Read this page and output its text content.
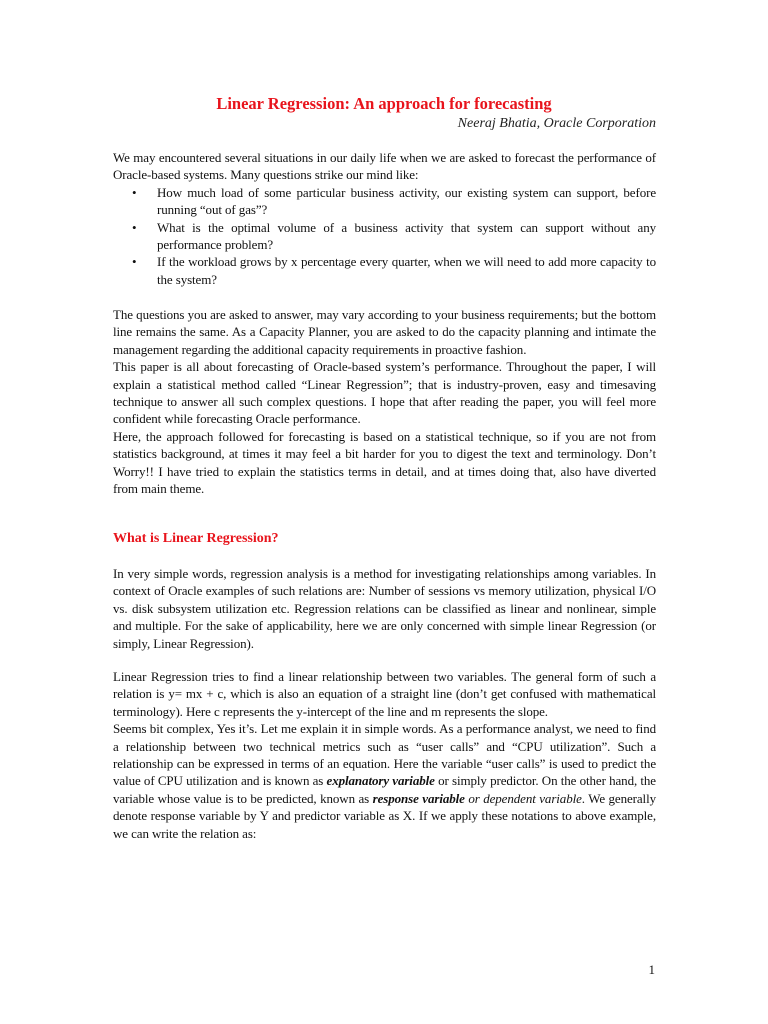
Linear Regression: An approach for forecasting
Neeraj Bhatia, Oracle Corporation

We may encountered several situations in our daily life when we are asked to forecast the performance of Oracle-based systems. Many questions strike our mind like:

• How much load of some particular business activity, our existing system can support, before running “out of gas”?
• What is the optimal volume of a business activity that system can support without any performance problem?
• If the workload grows by x percentage every quarter, when we will need to add more capacity to the system?

The questions you are asked to answer, may vary according to your business requirements; but the bottom line remains the same. As a Capacity Planner, you are asked to do the capacity planning and intimate the management regarding the additional capacity requirements in proactive fashion.

This paper is all about forecasting of Oracle-based system’s performance. Throughout the paper, I will explain a statistical method called “Linear Regression”; that is industry-proven, easy and timesaving technique to answer all such complex questions. I hope that after reading the paper, you will feel more confident while forecasting Oracle performance.

Here, the approach followed for forecasting is based on a statistical technique, so if you are not from statistics background, at times it may feel a bit harder for you to digest the text and terminology. Don’t Worry!! I have tried to explain the statistics terms in detail, and at times doing that, also have diverted from main theme.

What is Linear Regression?

In very simple words, regression analysis is a method for investigating relationships among variables. In context of Oracle examples of such relations are: Number of sessions vs memory utilization, physical I/O vs. disk subsystem utilization etc. Regression relations can be classified as linear and nonlinear, simple and multiple. For the sake of applicability, here we are only concerned with simple linear Regression (or simply, Linear Regression).

Linear Regression tries to find a linear relationship between two variables. The general form of such a relation is y= mx + c, which is also an equation of a straight line (don’t get confused with mathematical terminology). Here c represents the y-intercept of the line and m represents the slope.

Seems bit complex, Yes it’s. Let me explain it in simple words. As a performance analyst, we need to find a relationship between two technical metrics such as “user calls” and “CPU utilization”. Such a relationship can be expressed in terms of an equation. Here the variable “user calls” is used to predict the value of CPU utilization and is known as explanatory variable or simply predictor. On the other hand, the variable whose value is to be predicted, known as response variable or dependent variable. We generally denote response variable by Y and predictor variable as X. If we apply these notations to above example, we can write the relation as:

1
